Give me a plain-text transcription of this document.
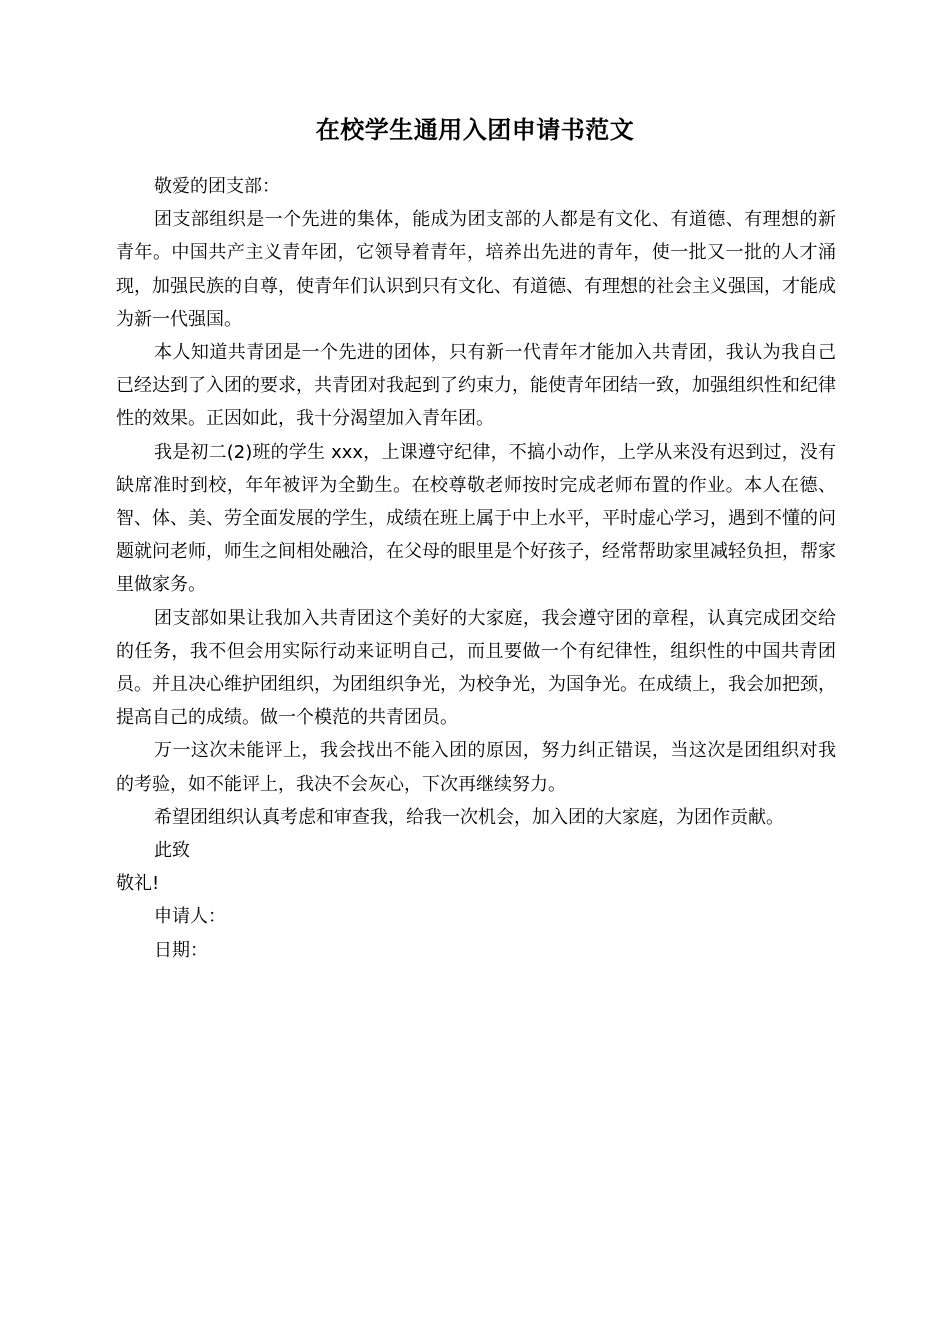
在校学生通用入团申请书范文

敬爱的团支部：

团支部组织是一个先进的集体，能成为团支部的人都是有文化、有道德、有理想的新青年。中国共产主义青年团，它领导着青年，培养出先进的青年，使一批又一批的人才涌现，加强民族的自尊，使青年们认识到只有文化、有道德、有理想的社会主义强国，才能成为新一代强国。

本人知道共青团是一个先进的团体，只有新一代青年才能加入共青团，我认为我自己已经达到了入团的要求，共青团对我起到了约束力，能使青年团结一致，加强组织性和纪律性的效果。正因如此，我十分渴望加入青年团。

我是初二(2)班的学生 xxx，上课遵守纪律，不搞小动作，上学从来没有迟到过，没有缺席准时到校，年年被评为全勤生。在校尊敬老师按时完成老师布置的作业。本人在德、智、体、美、劳全面发展的学生，成绩在班上属于中上水平，平时虚心学习，遇到不懂的问题就问老师，师生之间相处融洽，在父母的眼里是个好孩子，经常帮助家里减轻负担，帮家里做家务。

团支部如果让我加入共青团这个美好的大家庭，我会遵守团的章程，认真完成团交给的任务，我不但会用实际行动来证明自己，而且要做一个有纪律性，组织性的中国共青团员。并且决心维护团组织，为团组织争光，为校争光，为国争光。在成绩上，我会加把颈，提高自己的成绩。做一个模范的共青团员。

万一这次未能评上，我会找出不能入团的原因，努力纠正错误，当这次是团组织对我的考验，如不能评上，我决不会灰心，下次再继续努力。

希望团组织认真考虑和审查我，给我一次机会，加入团的大家庭，为团作贡献。

此致

敬礼!

申请人：

日期：
